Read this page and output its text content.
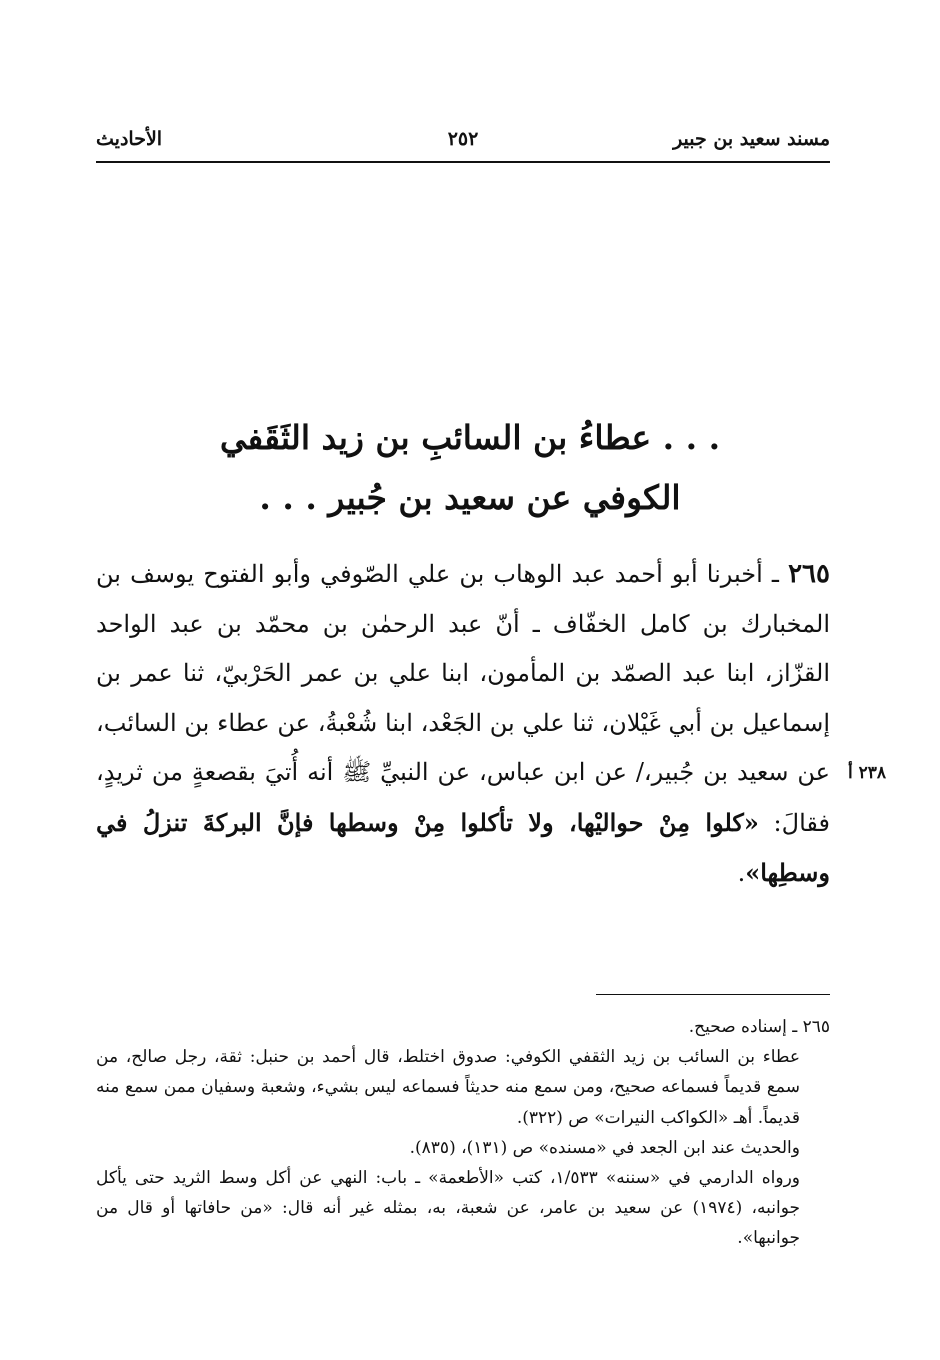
مسند سعيد بن جبير
٢٥٢
الأحاديث
. . . عطاءُ بن السائبِ بن زيد الثَقَفي
الكوفي عن سعيد بن جُبير . . .
٢٦٥ ـ أخبرنا أبو أحمد عبد الوهاب بن علي الصّوفي وأبو الفتوح يوسف بن المخبارك بن كامل الخفّاف ـ أنّ عبد الرحمٰن بن محمّد بن عبد الواحد القزّاز، ابنا عبد الصمّد بن المأمون، ابنا علي بن عمر الحَرْبيّ، ثنا عمر بن إسماعيل بن أبي غَيْلان، ثنا علي بن الجَعْد، ابنا شُعْبةُ، عن عطاء بن السائب، عن سعيد بن جُبير،/ عن ابن عباس، عن النبيِّ ﷺ أنه أُتيَ بقصعةٍ من ثريدٍ، فقالَ: «كلوا مِنْ حواليْها، ولا تأكلوا مِنْ وسطها فإنَّ البركةَ تنزلُ في وسطِها».
٢٣٨ أ

٢٦٥ ـ إسناده صحيح.

عطاء بن السائب بن زيد الثقفي الكوفي: صدوق اختلط، قال أحمد بن حنبل: ثقة، رجل صالح، من سمع قديماً فسماعه صحيح، ومن سمع منه حديثاً فسماعه ليس بشيء، وشعبة وسفيان ممن سمع منه قديماً. أهـ «الكواكب النيرات» ص (٣٢٢).

والحديث عند ابن الجعد في «مسنده» ص (١٣١)، (٨٣٥).

ورواه الدارمي في «سننه» ١/٥٣٣، كتب «الأطعمة» ـ باب: النهي عن أكل وسط الثريد حتى يأكل جوانبه، (١٩٧٤) عن سعيد بن عامر، عن شعبة، به، بمثله غير أنه قال: «من حافاتها أو قال من جوانبها».
